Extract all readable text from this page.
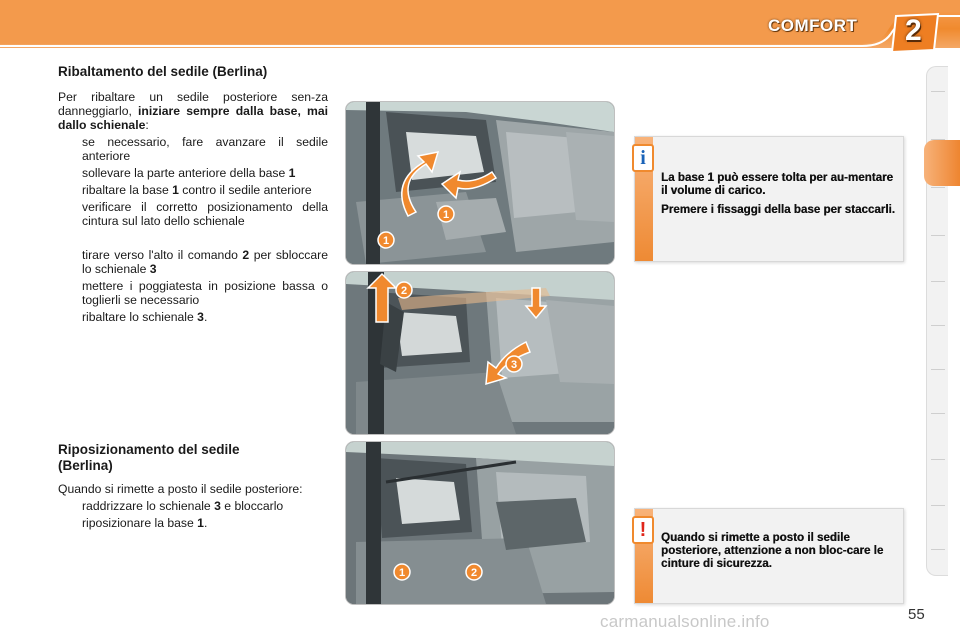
COMFORT 2
Ribaltamento del sedile (Berlina)

Per ribaltare un sedile posteriore sen-za danneggiarlo, iniziare sempre dalla base, mai dallo schienale:

se necessario, fare avanzare il sedile anteriore
sollevare la parte anteriore della base 1
ribaltare la base 1 contro il sedile anteriore
verificare il corretto posizionamento della cintura sul lato dello schienale
tirare verso l'alto il comando 2 per sbloccare lo schienale 3
mettere i poggiatesta in posizione bassa o toglierli se necessario
ribaltare lo schienale 3.
Riposizionamento del sedile (Berlina)

Quando si rimette a posto il sedile posteriore:

raddrizzare lo schienale 3 e bloccarlo
riposizionare la base 1.
1
1
2
3
1	2
La base 1 può essere tolta per au-mentare il volume di carico.
Premere i fissaggi della base per staccarli.
i
Quando si rimette a posto il sedile posteriore, attenzione a non bloc-care le cinture di sicurezza.
!
carmanualsonline.info	55
